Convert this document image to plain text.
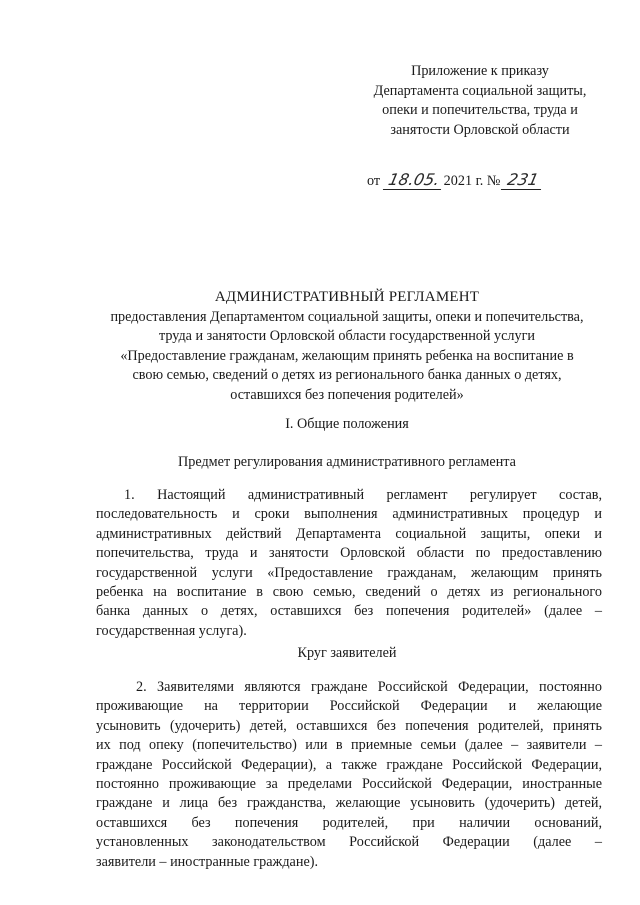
Приложение к приказу
Департамента социальной защиты,
опеки и попечительства, труда и
занятости Орловской области
от 18.05. 2021 г. № 231
АДМИНИСТРАТИВНЫЙ РЕГЛАМЕНТ
предоставления Департаментом социальной защиты, опеки и попечительства,
труда и занятости Орловской области государственной услуги
«Предоставление гражданам, желающим принять ребенка на воспитание в
свою семью, сведений о детях из регионального банка данных о детях,
оставшихся без попечения родителей»
I. Общие положения
Предмет регулирования административного регламента
1. Настоящий административный регламент регулирует состав,
последовательность и сроки выполнения административных процедур и
административных действий Департамента социальной защиты, опеки и
попечительства, труда и занятости Орловской области по предоставлению
государственной услуги «Предоставление гражданам, желающим принять
ребенка на воспитание в свою семью, сведений о детях из регионального
банка данных о детях, оставшихся без попечения родителей» (далее –
государственная услуга).
Круг заявителей
2. Заявителями являются граждане Российской Федерации, постоянно
проживающие на территории Российской Федерации и желающие
усыновить (удочерить) детей, оставшихся без попечения родителей, принять
их под опеку (попечительство) или в приемные семьи (далее – заявители –
граждане Российской Федерации), а также граждане Российской Федерации,
постоянно проживающие за пределами Российской Федерации, иностранные
граждане и лица без гражданства, желающие усыновить (удочерить) детей,
оставшихся без попечения родителей, при наличии оснований,
установленных законодательством Российской Федерации (далее –
заявители – иностранные граждане).
